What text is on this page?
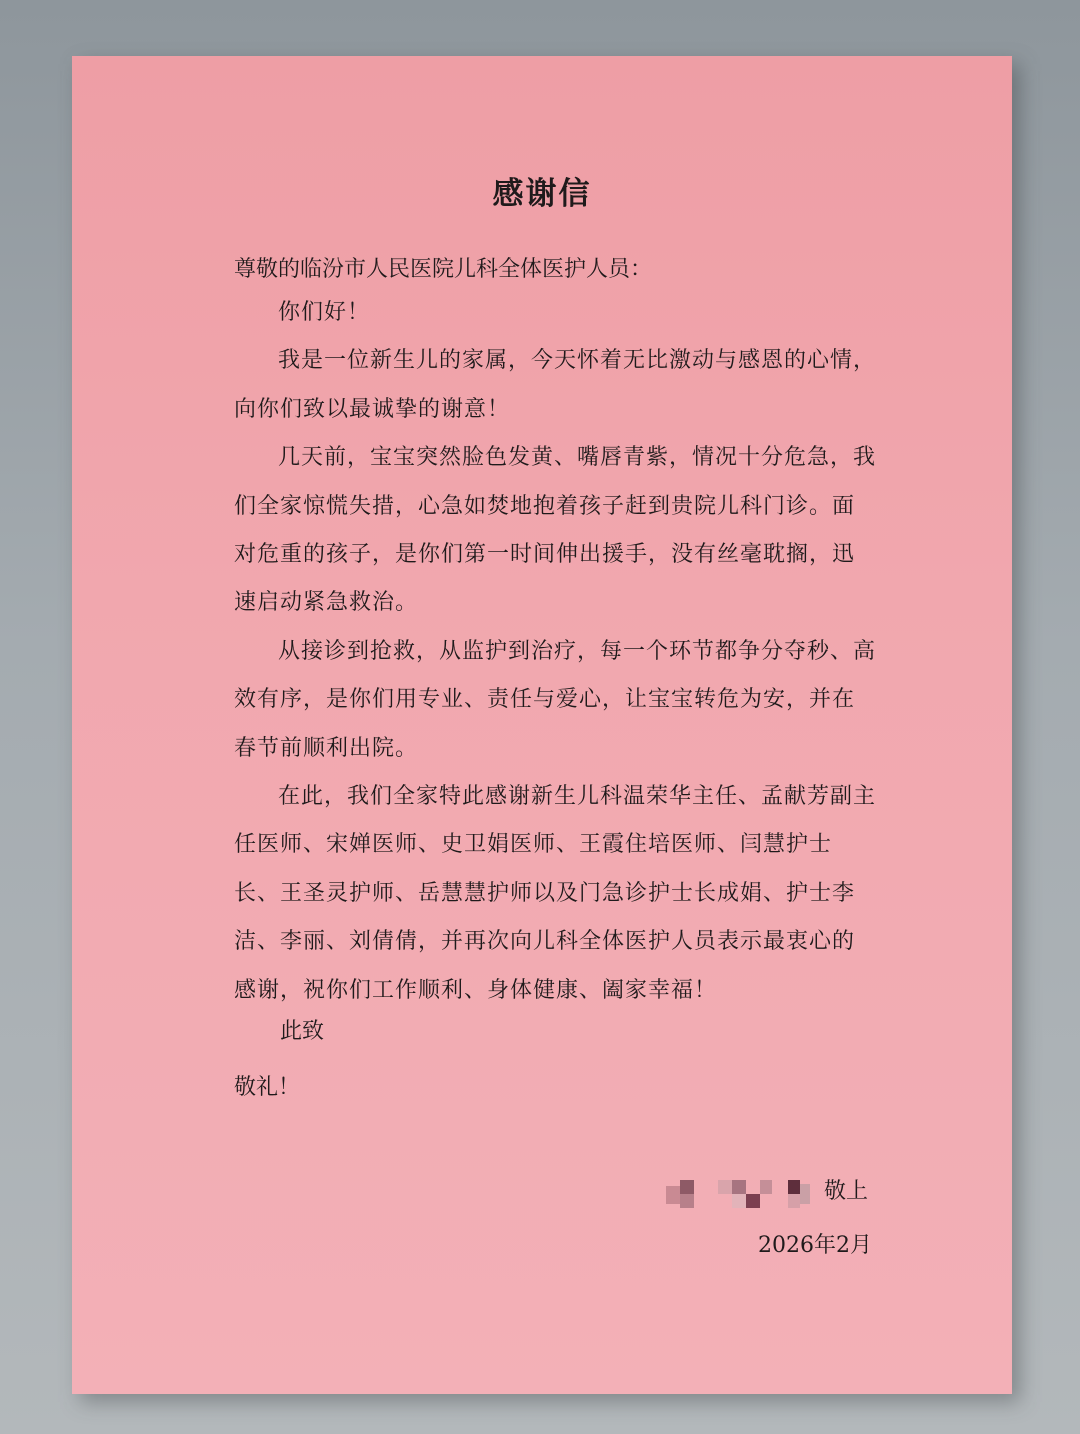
感谢信
尊敬的临汾市人民医院儿科全体医护人员：

你们好！

我是一位新生儿的家属，今天怀着无比激动与感恩的心情，向你们致以最诚挚的谢意！

几天前，宝宝突然脸色发黄、嘴唇青紫，情况十分危急，我们全家惊慌失措，心急如焚地抱着孩子赶到贵院儿科门诊。面对危重的孩子，是你们第一时间伸出援手，没有丝毫耽搁，迅速启动紧急救治。

从接诊到抢救，从监护到治疗，每一个环节都争分夺秒、高效有序，是你们用专业、责任与爱心，让宝宝转危为安，并在春节前顺利出院。

在此，我们全家特此感谢新生儿科温荣华主任、孟献芳副主任医师、宋婵医师、史卫娟医师、王霞住培医师、闫慧护士长、王圣灵护师、岳慧慧护师以及门急诊护士长成娟、护士李洁、李丽、刘倩倩，并再次向儿科全体医护人员表示最衷心的感谢，祝你们工作顺利、身体健康、阖家幸福！

此致
敬礼！
敬上
2026年2月
